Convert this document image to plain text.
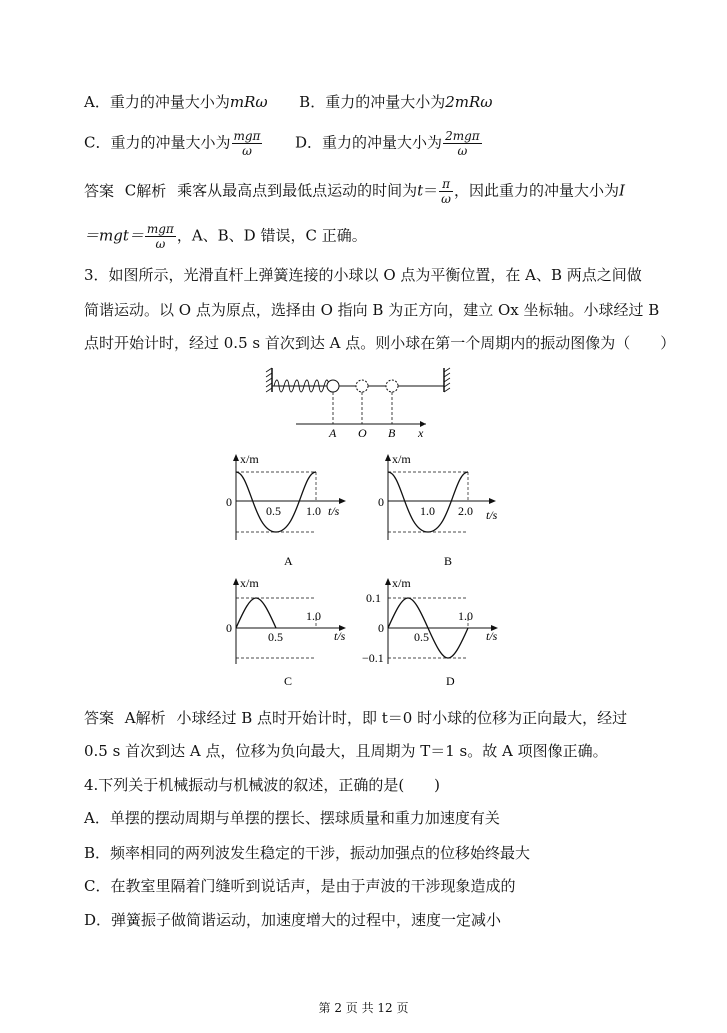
A．重力的冲量大小为mRω B．重力的冲量大小为2mRω
C．重力的冲量大小为 $\frac{\text{mgπ}}{\omega}$ D．重力的冲量大小为 $\frac{\text{2mgπ}}{\omega}$
答案 C解析 乘客从最高点到最低点运动的时间为$t= \frac{\pi}{\omega}$ ，因此重力的冲量大小为I
$=mgt= \frac{\text{mgπ}}{\omega}$ ，A、B、D 错误，C 正确。
3．如图所示，光滑直杆上弹簧连接的小球以 O 点为平衡位置，在 A、B 两点之间做
简谐运动。以 O 点为原点，选择由 O 指向 B 为正方向，建立 Ox 坐标轴。小球经过 B
点时开始计时，经过 0.5 s 首次到达 A 点。则小球在第一个周期内的振动图像为（　　）
A O B x
x/m
0
0.5 1.0 t/s
A
x/m
0
1.0 2.0 t/s
B
x/m
0
0.5
1.0
t/s
C
x/m
0.1
0
−0.1
0.5
1.0
t/s
D
答案 A解析 小球经过 B 点时开始计时，即 t＝0 时小球的位移为正向最大，经过
0.5 s 首次到达 A 点，位移为负向最大，且周期为 T＝1 s。故 A 项图像正确。
4.下列关于机械振动与机械波的叙述，正确的是(　　)
A．单摆的摆动周期与单摆的摆长、摆球质量和重力加速度有关
B．频率相同的两列波发生稳定的干涉，振动加强点的位移始终最大
C．在教室里隔着门缝听到说话声，是由于声波的干涉现象造成的
D．弹簧振子做简谐运动，加速度增大的过程中，速度一定减小
第 2 页 共 12 页
